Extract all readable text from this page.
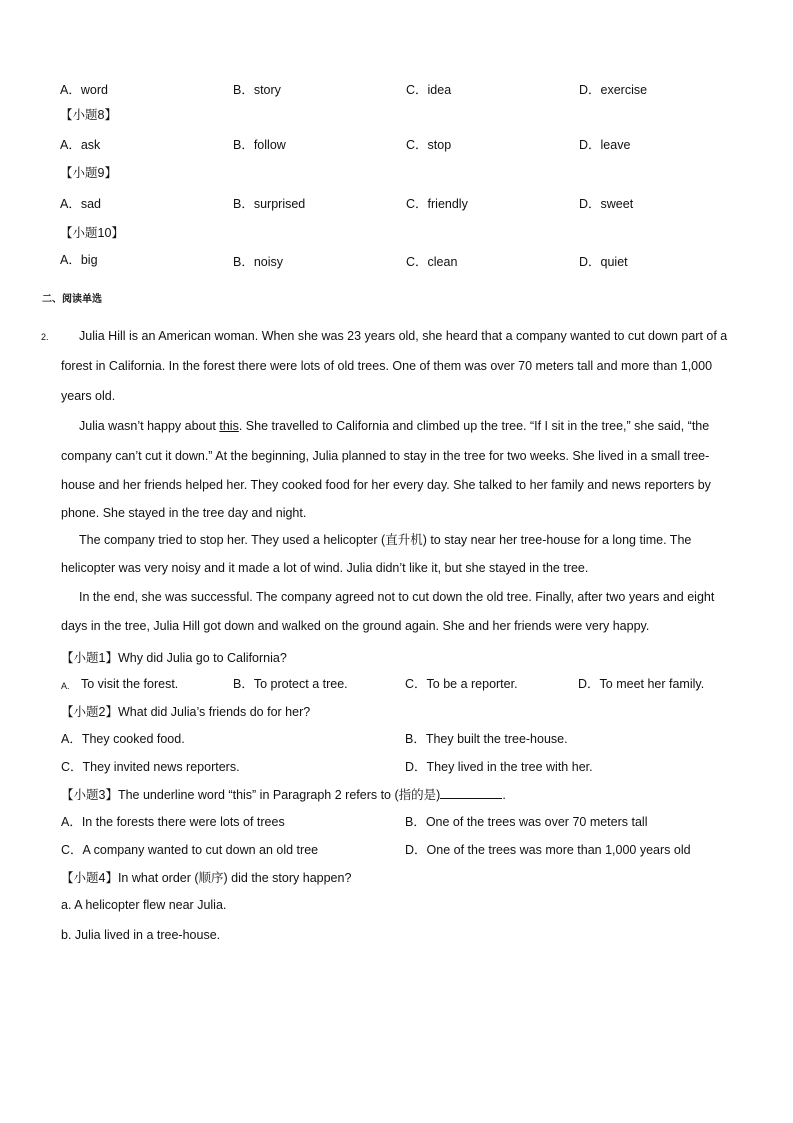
A．word	B．story	C．idea	D．exercise
【小题8】
A．ask	B．follow	C．stop	D．leave
【小题9】
A．sad	B．surprised	C．friendly	D．sweet
【小题10】
A．big	B．noisy	C．clean	D．quiet
二、阅读单选
2. Julia Hill is an American woman. When she was 23 years old, she heard that a company wanted to cut down part of a
forest in California. In the forest there were lots of old trees. One of them was over 70 meters tall and more than 1,000
years old.
Julia wasn’t happy about this. She travelled to California and climbed up the tree. “If I sit in the tree,” she said, “the
company can’t cut it down.” At the beginning, Julia planned to stay in the tree for two weeks. She lived in a small tree-
house and her friends helped her. They cooked food for her every day. She talked to her family and news reporters by
phone. She stayed in the tree day and night.
The company tried to stop her. They used a helicopter (直升机) to stay near her tree-house for a long time. The
helicopter was very noisy and it made a lot of wind. Julia didn’t like it, but she stayed in the tree.
In the end, she was successful. The company agreed not to cut down the old tree. Finally, after two years and eight
days in the tree, Julia Hill got down and walked on the ground again. She and her friends were very happy.
【小题1】Why did Julia go to California?
A. To visit the forest.	B．To protect a tree.	C．To be a reporter.	D．To meet her family.
【小题2】What did Julia’s friends do for her?
A．They cooked food.	B．They built the tree-house.
C．They invited news reporters.	D．They lived in the tree with her.
【小题3】The underline word “this” in Paragraph 2 refers to (指的是)	.
A．In the forests there were lots of trees	B．One of the trees was over 70 meters tall
C．A company wanted to cut down an old tree	D．One of the trees was more than 1,000 years old
【小题4】In what order (顺序) did the story happen?
a. A helicopter flew near Julia.
b. Julia lived in a tree-house.
